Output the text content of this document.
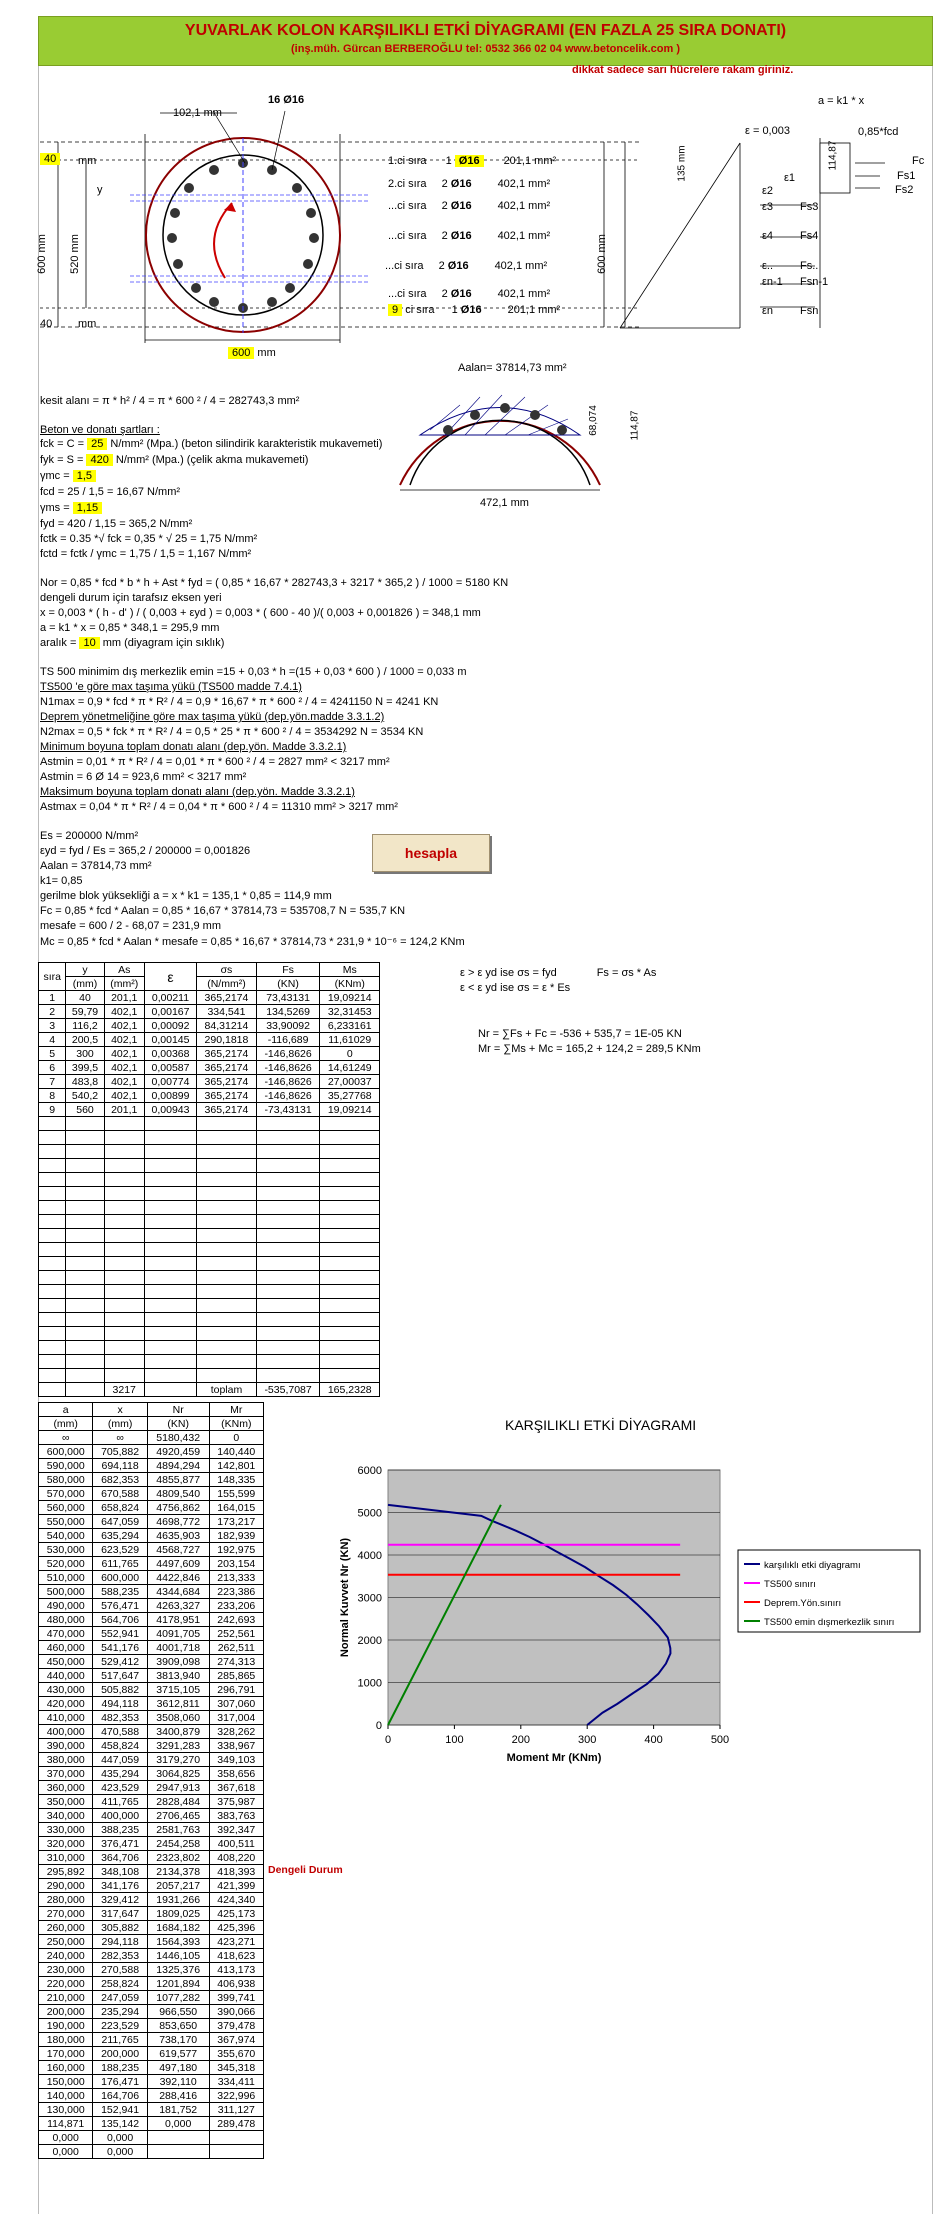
YUVARLAK KOLON KARŞILIKLI ETKİ DİYAGRAMI (EN FAZLA 25 SIRA DONATI)
(inş.müh. Gürcan BERBEROĞLU tel: 0532 366 02 04 www.betoncelik.com )
dikkat sadece sarı hücrelere rakam giriniz.
40	mm
40 mm
600 mm
520 mm
y
102,1 mm
16 Ø16
600 mm
1.ci sıra 1 Ø16 201,1 mm²
2.ci sıra 2 Ø16 402,1 mm²
...ci sıra 2 Ø16 402,1 mm²
...ci sıra 2 Ø16 402,1 mm²
...ci sıra 2 Ø16 402,1 mm²
...ci sıra 2 Ø16 402,1 mm²
9 ci sıra 1 Ø16 201,1 mm²
ε = 0,003
a = k1 * x
0,85*fcd
114,87
135 mm
600 mm
ε1
ε2
ε3
ε4
ε..
εn-1
εn
Fc
Fs1
Fs2
Fs3
Fs4
Fs..
Fsn-1
Fsn
Aalan= 37814,73 mm²
68,074	114,87
472,1 mm
kesit alanı = π * h² / 4 = π * 600 ² / 4 = 282743,3 mm²
Beton ve donatı şartları :
fck = C = 25 N/mm² (Mpa.) (beton silindirik karakteristik mukavemeti)
fyk = S = 420 N/mm² (Mpa.) (çelik akma mukavemeti)
γmc = 1,5
fcd = 25 / 1,5 = 16,67 N/mm²
γms = 1,15
fyd = 420 / 1,15 = 365,2 N/mm²
fctk = 0.35 *√ fck = 0,35 * √ 25 = 1,75 N/mm²
fctd = fctk / γmc = 1,75 / 1,5 = 1,167 N/mm²
Nor = 0,85 * fcd * b * h + Ast * fyd = ( 0,85 * 16,67 * 282743,3 + 3217 * 365,2 ) / 1000 = 5180 KN
dengeli durum için tarafsız eksen yeri
x = 0,003 * ( h - d' ) / ( 0,003 + εyd ) = 0,003 * ( 600 - 40 )/( 0,003 + 0,001826 ) = 348,1 mm
a = k1 * x = 0,85 * 348,1 = 295,9 mm
aralık = 10 mm (diyagram için sıklık)
TS 500 minimim dış merkezlik emin =15 + 0,03 * h =(15 + 0,03 * 600 ) / 1000 = 0,033 m
TS500 'e göre max taşıma yükü (TS500 madde 7.4.1)
N1max = 0,9 * fcd * π * R² / 4 = 0,9 * 16,67 * π * 600 ² / 4 = 4241150 N = 4241 KN
Deprem yönetmeliğine göre max taşıma yükü (dep.yön.madde 3.3.1.2)
N2max = 0,5 * fck * π * R² / 4 = 0,5 * 25 * π * 600 ² / 4 = 3534292 N = 3534 KN
Minimum boyuna toplam donatı alanı (dep.yön. Madde 3.3.2.1)
Astmin = 0,01 * π * R² / 4 = 0,01 * π * 600 ² / 4 = 2827 mm² < 3217 mm²
Astmin = 6 Ø 14 = 923,6 mm² < 3217 mm²
Maksimum boyuna toplam donatı alanı (dep.yön. Madde 3.3.2.1)
Astmax = 0,04 * π * R² / 4 = 0,04 * π * 600 ² / 4 = 11310 mm² > 3217 mm²
Es = 200000 N/mm²
εyd = fyd / Es = 365,2 / 200000 = 0,001826
Aalan = 37814,73 mm²
k1= 0,85
gerilme blok yüksekliği a = x * k1 = 135,1 * 0,85 = 114,9 mm
Fc = 0,85 * fcd * Aalan = 0,85 * 16,67 * 37814,73 = 535708,7 N = 535,7 KN
mesafe = 600 / 2 - 68,07 = 231,9 mm
Mc = 0,85 * fcd * Aalan * mesafe = 0,85 * 16,67 * 37814,73 * 231,9 * 10⁻⁶ = 124,2 KNm
hesapla
ε > ε yd ise σs = fyd	Fs = σs * As
ε < ε yd ise σs = ε * Es
Nr = ∑Fs + Fc = -536 + 535,7 = 1E-05 KN
Mr = ∑Ms + Mc = 165,2 + 124,2 = 289,5 KNm
sıra	y	As	ε	σs	Fs	Ms
	(mm)	(mm²)		(N/mm²)	(KN)	(KNm)
1	40	201,1	0,00211	365,2174	73,43131	19,09214
2	59,79	402,1	0,00167	334,541	134,5269	32,31453
3	116,2	402,1	0,00092	84,31214	33,90092	6,233161
4	200,5	402,1	0,00145	290,1818	-116,689	11,61029
5	300	402,1	0,00368	365,2174	-146,8626	0
6	399,5	402,1	0,00587	365,2174	-146,8626	14,61249
7	483,8	402,1	0,00774	365,2174	-146,8626	27,00037
8	540,2	402,1	0,00899	365,2174	-146,8626	35,27768
9	560	201,1	0,00943	365,2174	-73,43131	19,09214

		3217		toplam	-535,7087	165,2328
a	x	Nr	Mr
(mm)	(mm)	(KN)	(KNm)
∞	∞	5180,432	0
600,000	705,882	4920,459	140,440
590,000	694,118	4894,294	142,801
580,000	682,353	4855,877	148,335
570,000	670,588	4809,540	155,599
560,000	658,824	4756,862	164,015
550,000	647,059	4698,772	173,217
540,000	635,294	4635,903	182,939
530,000	623,529	4568,727	192,975
520,000	611,765	4497,609	203,154
510,000	600,000	4422,846	213,333
500,000	588,235	4344,684	223,386
490,000	576,471	4263,327	233,206
480,000	564,706	4178,951	242,693
470,000	552,941	4091,705	252,561
460,000	541,176	4001,718	262,511
450,000	529,412	3909,098	274,313
440,000	517,647	3813,940	285,865
430,000	505,882	3715,105	296,791
420,000	494,118	3612,811	307,060
410,000	482,353	3508,060	317,004
400,000	470,588	3400,879	328,262
390,000	458,824	3291,283	338,967
380,000	447,059	3179,270	349,103
370,000	435,294	3064,825	358,656
360,000	423,529	2947,913	367,618
350,000	411,765	2828,484	375,987
340,000	400,000	2706,465	383,763
330,000	388,235	2581,763	392,347
320,000	376,471	2454,258	400,511
310,000	364,706	2323,802	408,220
295,892	348,108	2134,378	418,393
290,000	341,176	2057,217	421,399
280,000	329,412	1931,266	424,340
270,000	317,647	1809,025	425,173
260,000	305,882	1684,182	425,396
250,000	294,118	1564,393	423,271
240,000	282,353	1446,105	418,623
230,000	270,588	1325,376	413,173
220,000	258,824	1201,894	406,938
210,000	247,059	1077,282	399,741
200,000	235,294	966,550	390,066
190,000	223,529	853,650	379,478
180,000	211,765	738,170	367,974
170,000	200,000	619,577	355,670
160,000	188,235	497,180	345,318
150,000	176,471	392,110	334,411
140,000	164,706	288,416	322,996
130,000	152,941	181,752	311,127
114,871	135,142	0,000	289,478
0,000	0,000		
0,000	0,000		
Dengeli Durum
KARŞILIKLI ETKİ DİYAGRAMI
0
1000
2000
3000
4000
5000
6000
0	100	200	300	400	500
Moment Mr (KNm)
Normal Kuvvet Nr (KN)	karşılıklı etki diyagramı
TS500 sınırı
Deprem.Yön.sınırı
TS500 emin dışmerkezlik sınırı
